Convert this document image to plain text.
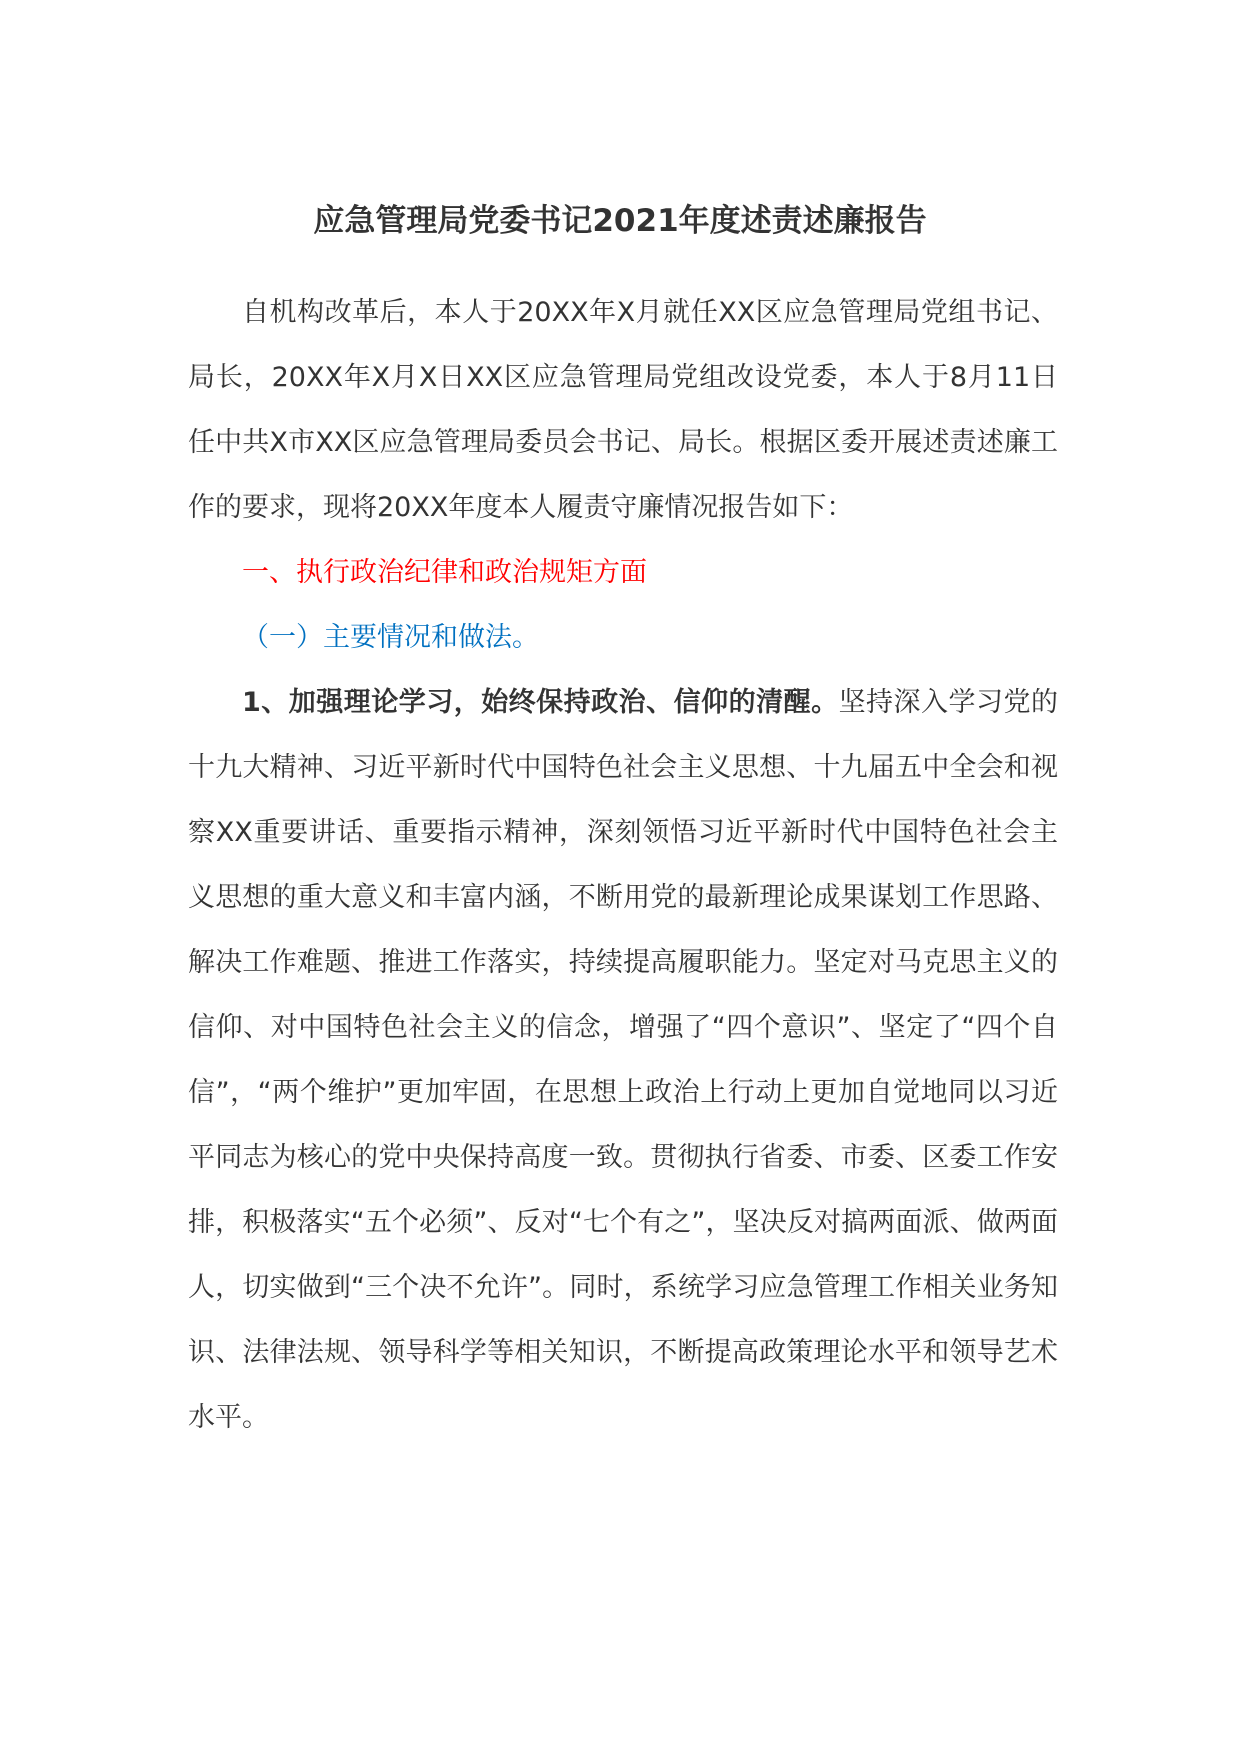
应急管理局党委书记2021年度述责述廉报告

自机构改革后，本人于20XX年X月就任XX区应急管理局党组书记、局长，20XX年X月X日XX区应急管理局党组改设党委，本人于8月11日任中共X市XX区应急管理局委员会书记、局长。根据区委开展述责述廉工作的要求，现将20XX年度本人履责守廉情况报告如下：

一、执行政治纪律和政治规矩方面

（一）主要情况和做法。

1、加强理论学习，始终保持政治、信仰的清醒。坚持深入学习党的十九大精神、习近平新时代中国特色社会主义思想、十九届五中全会和视察XX重要讲话、重要指示精神，深刻领悟习近平新时代中国特色社会主义思想的重大意义和丰富内涵，不断用党的最新理论成果谋划工作思路、解决工作难题、推进工作落实，持续提高履职能力。坚定对马克思主义的信仰、对中国特色社会主义的信念，增强了“四个意识”、坚定了“四个自信”，“两个维护”更加牢固，在思想上政治上行动上更加自觉地同以习近平同志为核心的党中央保持高度一致。贯彻执行省委、市委、区委工作安排，积极落实“五个必须”、反对“七个有之”，坚决反对搞两面派、做两面人，切实做到“三个决不允许”。同时，系统学习应急管理工作相关业务知识、法律法规、领导科学等相关知识，不断提高政策理论水平和领导艺术水平。
